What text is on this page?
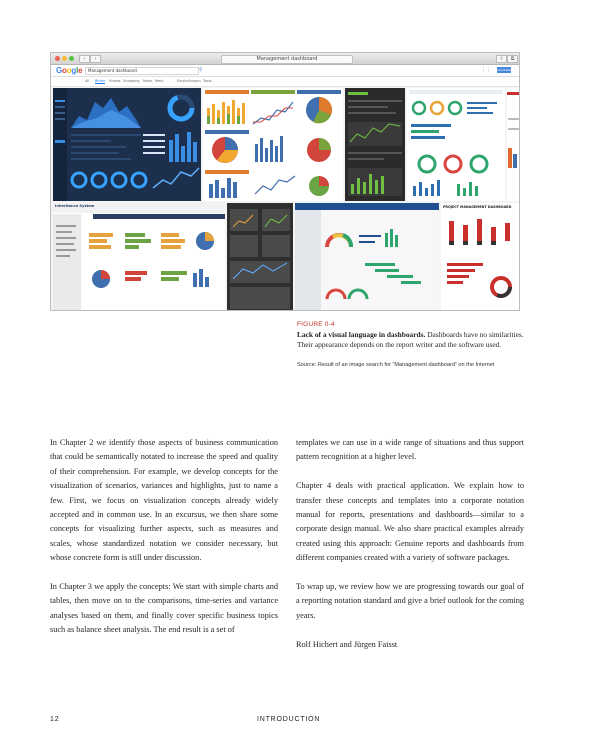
‹	›	Management dashboard	⇧	⧉
Google	Management dashboard	⚲	⋮⋮ Anmelden
All Bilder Videos Shopping News Mehr	Einstellungen Tools
Inheritance System	PROJECT MANAGEMENT DASHBOARD
FIGURE 0-4
Lack of a visual language in dashboards. Dashboards have no similarities. Their appearance depends on the report writer and the software used.
Source: Result of an image search for “Management dashboard” on the Internet

In Chapter 2 we identify those aspects of business communication that could be semantically notated to increase the speed and quality of their comprehension. For example, we develop concepts for the visualization of scenarios, variances and highlights, just to name a few. First, we focus on visualization concepts already widely accepted and in common use. In an excursus, we then share some concepts for visualizing further aspects, such as measures and scales, whose standardized notation we consider necessary, but whose concrete form is still under discussion.

In Chapter 3 we apply the concepts: We start with simple charts and tables, then move on to the comparisons, time-series and variance analyses based on them, and finally cover specific business topics such as balance sheet analysis. The end result is a set of

templates we can use in a wide range of situations and thus support pattern recognition at a higher level.

Chapter 4 deals with practical application. We explain how to transfer these concepts and templates into a corporate notation manual for reports, presentations and dashboards—similar to a corporate design manual. We also share practical examples already created using this approach: Genuine reports and dashboards from different companies created with a variety of software packages.

To wrap up, we review how we are progressing towards our goal of a reporting notation standard and give a brief outlook for the coming years.

Rolf Hichert and Jürgen Faisst

12	INTRODUCTION
